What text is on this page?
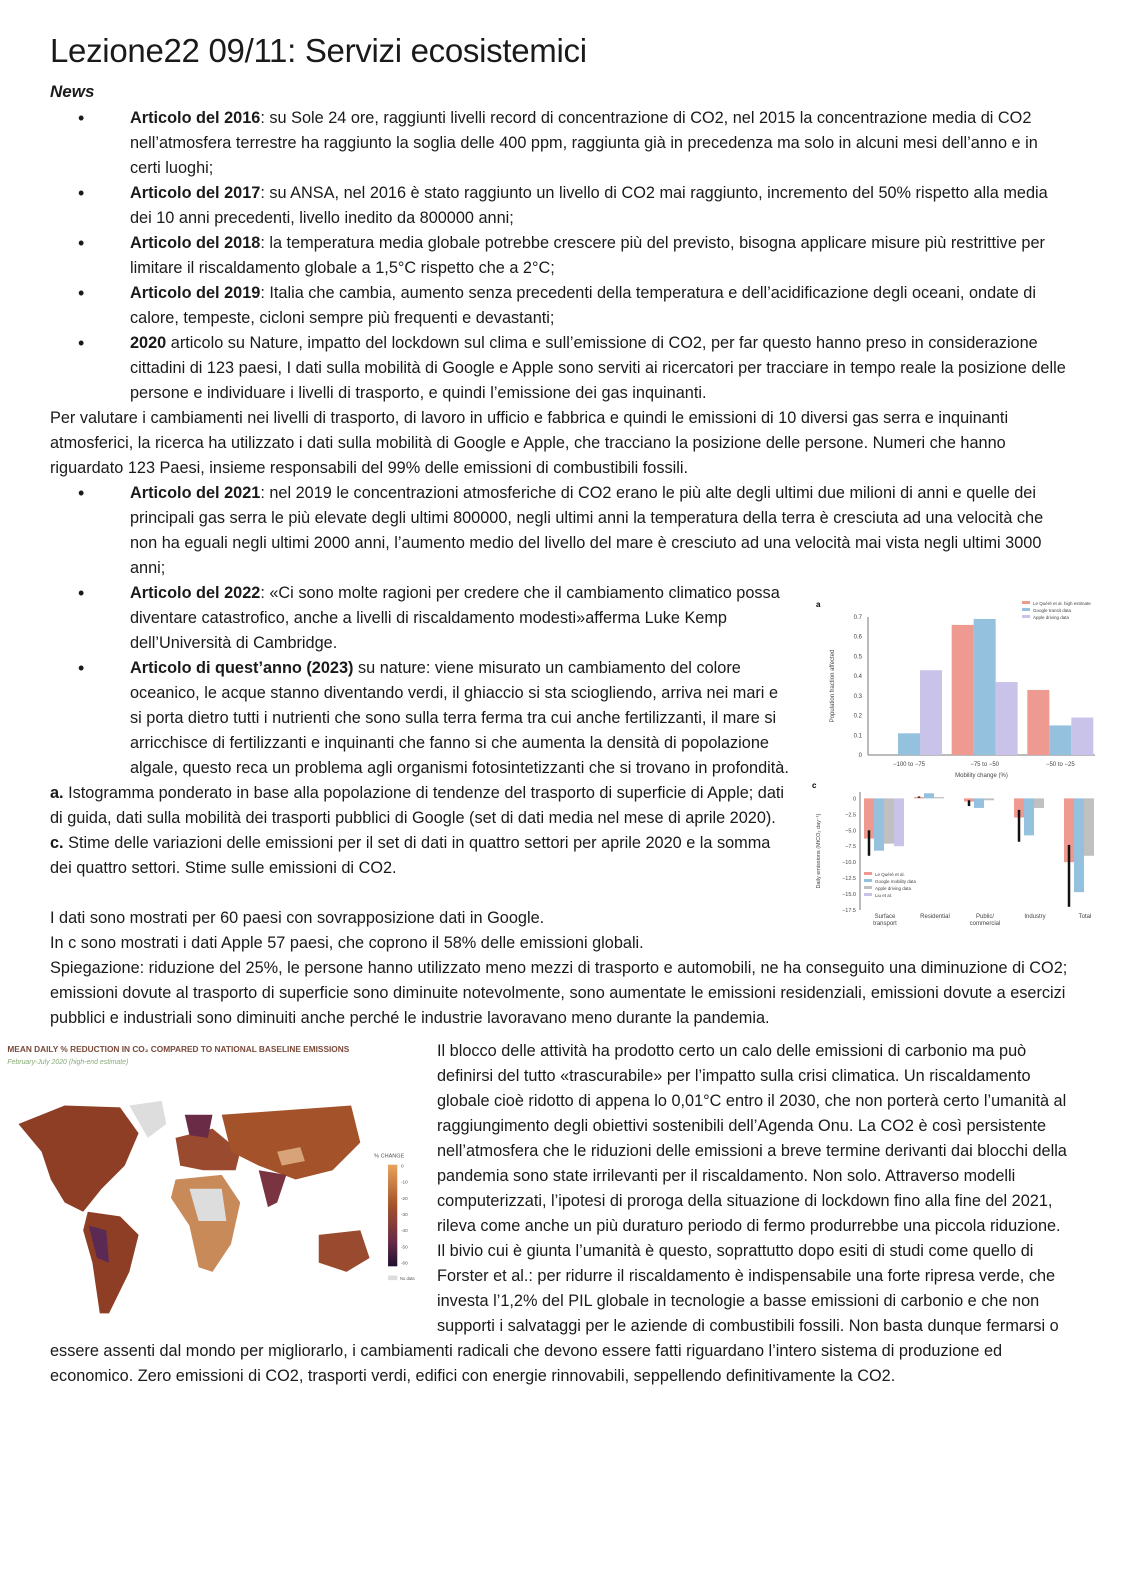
Lezione22 09/11: Servizi ecosistemici
News
• Articolo del 2016: su Sole 24 ore, raggiunti livelli record di concentrazione di CO2, nel 2015 la concentrazione media di CO2 nell’atmosfera terrestre ha raggiunto la soglia delle 400 ppm, raggiunta già in precedenza ma solo in alcuni mesi dell’anno e in certi luoghi;
• Articolo del 2017: su ANSA, nel 2016 è stato raggiunto un livello di CO2 mai raggiunto, incremento del 50% rispetto alla media dei 10 anni precedenti, livello inedito da 800000 anni;
• Articolo del 2018: la temperatura media globale potrebbe crescere più del previsto, bisogna applicare misure più restrittive per limitare il riscaldamento globale a 1,5°C rispetto che a 2°C;
• Articolo del 2019: Italia che cambia, aumento senza precedenti della temperatura e dell’acidificazione degli oceani, ondate di calore, tempeste, cicloni sempre più frequenti e devastanti;
• 2020 articolo su Nature, impatto del lockdown sul clima e sull’emissione di CO2, per far questo hanno preso in considerazione cittadini di 123 paesi, I dati sulla mobilità di Google e Apple sono serviti ai ricercatori per tracciare in tempo reale la posizione delle persone e individuare i livelli di trasporto, e quindi l’emissione dei gas inquinanti.

Per valutare i cambiamenti nei livelli di trasporto, di lavoro in ufficio e fabbrica e quindi le emissioni di 10 diversi gas serra e inquinanti atmosferici, la ricerca ha utilizzato i dati sulla mobilità di Google e Apple, che tracciano la posizione delle persone. Numeri che hanno riguardato 123 Paesi, insieme responsabili del 99% delle emissioni di combustibili fossili.

• Articolo del 2021: nel 2019 le concentrazioni atmosferiche di CO2 erano le più alte degli ultimi due milioni di anni e quelle dei principali gas serra le più elevate degli ultimi 800000, negli ultimi anni la temperatura della terra è cresciuta ad una velocità che non ha eguali negli ultimi 2000 anni, l’aumento medio del livello del mare è cresciuto ad una velocità mai vista negli ultimi 3000 anni;
• a
0
0.1
0.2
0.3
0.4
0.5
0.6
0.7
Population fraction affected
−100 to −75	−75 to −50	−50 to −25
Mobility change (%)
Le Quéré et al. high estimate
Google transit data
Apple driving data
c
0
−2.5
−5.0
−7.5
−10.0
−12.5
−15.0
−17.5
Daily emissions (MtCO₂ day⁻¹)	Le Quéré et al.
Google mobility data
Apple driving data
Liu et al.
Surface transport
Residential	Public/ commercial
Industry	Total
Articolo del 2022: «Ci sono molte ragioni per credere che il cambiamento climatico possa diventare catastrofico, anche a livelli di riscaldamento modesti»afferma Luke Kemp dell’Università di Cambridge.
• Articolo di quest’anno (2023) su nature: viene misurato un cambiamento del colore oceanico, le acque stanno diventando verdi, il ghiaccio si sta sciogliendo, arriva nei mari e si porta dietro tutti i nutrienti che sono sulla terra ferma tra cui anche fertilizzanti, il mare si arricchisce di fertilizzanti e inquinanti che fanno si che aumenta la densità di popolazione algale, questo reca un problema agli organismi fotosintetizzanti che si trovano in profondità.

a. Istogramma ponderato in base alla popolazione di tendenze del trasporto di superficie di Apple; dati di guida, dati sulla mobilità dei trasporti pubblici di Google (set di dati media nel mese di aprile 2020).

c. Stime delle variazioni delle emissioni per il set di dati in quattro settori per aprile 2020 e la somma dei quattro settori. Stime sulle emissioni di CO2.

I dati sono mostrati per 60 paesi con sovrapposizione dati in Google.

In c sono mostrati i dati Apple 57 paesi, che coprono il 58% delle emissioni globali.

Spiegazione: riduzione del 25%, le persone hanno utilizzato meno mezzi di trasporto e automobili, ne ha conseguito una diminuzione di CO2; emissioni dovute al trasporto di superficie sono diminuite notevolmente, sono aumentate le emissioni residenziali, emissioni dovute a esercizi pubblici e industriali sono diminuiti anche perché le industrie lavoravano meno durante la pandemia.

MEAN DAILY % REDUCTION IN CO₂ COMPARED TO NATIONAL BASELINE EMISSIONS
February-July 2020 (high-end estimate)
% CHANGE
0
-10
-20
-30
-40
-50
-60
No data

Il blocco delle attività ha prodotto certo un calo delle emissioni di carbonio ma può definirsi del tutto «trascurabile» per l’impatto sulla crisi climatica. Un riscaldamento globale cioè ridotto di appena lo 0,01°C entro il 2030, che non porterà certo l’umanità al raggiungimento degli obiettivi sostenibili dell’Agenda Onu. La CO2 è così persistente nell’atmosfera che le riduzioni delle emissioni a breve termine derivanti dai blocchi della pandemia sono state irrilevanti per il riscaldamento. Non solo. Attraverso modelli computerizzati, l’ipotesi di proroga della situazione di lockdown fino alla fine del 2021, rileva come anche un più duraturo periodo di fermo produrrebbe una piccola riduzione. Il bivio cui è giunta l’umanità è questo, soprattutto dopo esiti di studi come quello di Forster et al.: per ridurre il riscaldamento è indispensabile una forte ripresa verde, che investa l’1,2% del PIL globale in tecnologie a basse emissioni di carbonio e che non supporti i salvataggi per le aziende di combustibili fossili. Non basta dunque fermarsi o essere assenti dal mondo per migliorarlo, i cambiamenti radicali che devono essere fatti riguardano l’intero sistema di produzione ed economico. Zero emissioni di CO2, trasporti verdi, edifici con energie rinnovabili, seppellendo definitivamente la CO2.
